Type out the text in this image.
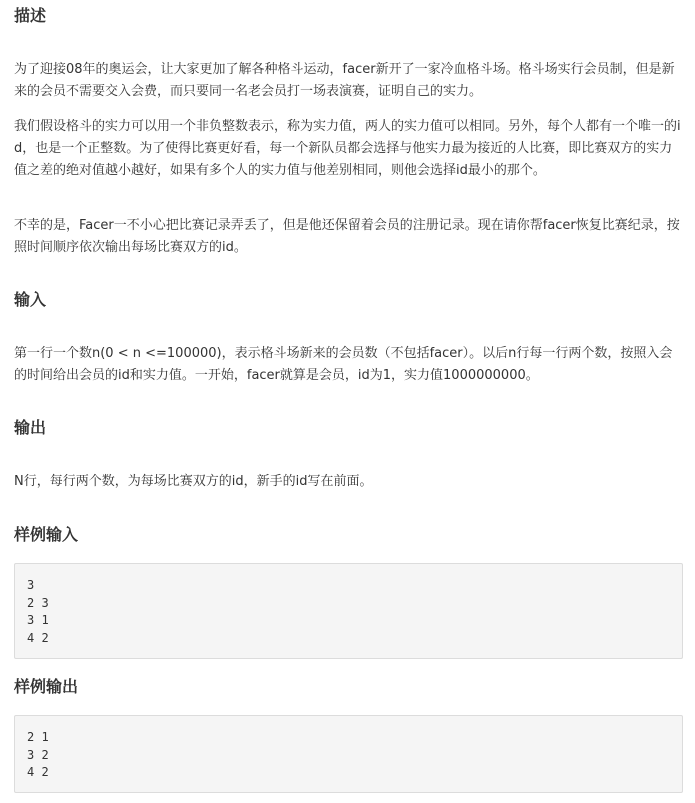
描述

为了迎接08年的奥运会，让大家更加了解各种格斗运动，facer新开了一家冷血格斗场。格斗场实行会员制，但是新来的会员不需要交入会费，而只要同一名老会员打一场表演赛，证明自己的实力。

我们假设格斗的实力可以用一个非负整数表示，称为实力值，两人的实力值可以相同。另外，每个人都有一个唯一的id，也是一个正整数。为了使得比赛更好看，每一个新队员都会选择与他实力最为接近的人比赛，即比赛双方的实力值之差的绝对值越小越好，如果有多个人的实力值与他差别相同，则他会选择id最小的那个。

不幸的是，Facer一不小心把比赛记录弄丢了，但是他还保留着会员的注册记录。现在请你帮facer恢复比赛纪录，按照时间顺序依次输出每场比赛双方的id。

输入

第一行一个数n(0 < n <=100000)，表示格斗场新来的会员数（不包括facer）。以后n行每一行两个数，按照入会的时间给出会员的id和实力值。一开始，facer就算是会员，id为1，实力值1000000000。

输出

N行，每行两个数，为每场比赛双方的id，新手的id写在前面。

样例输入
3
2 3
3 1
4 2
样例输出
2 1
3 2
4 2
